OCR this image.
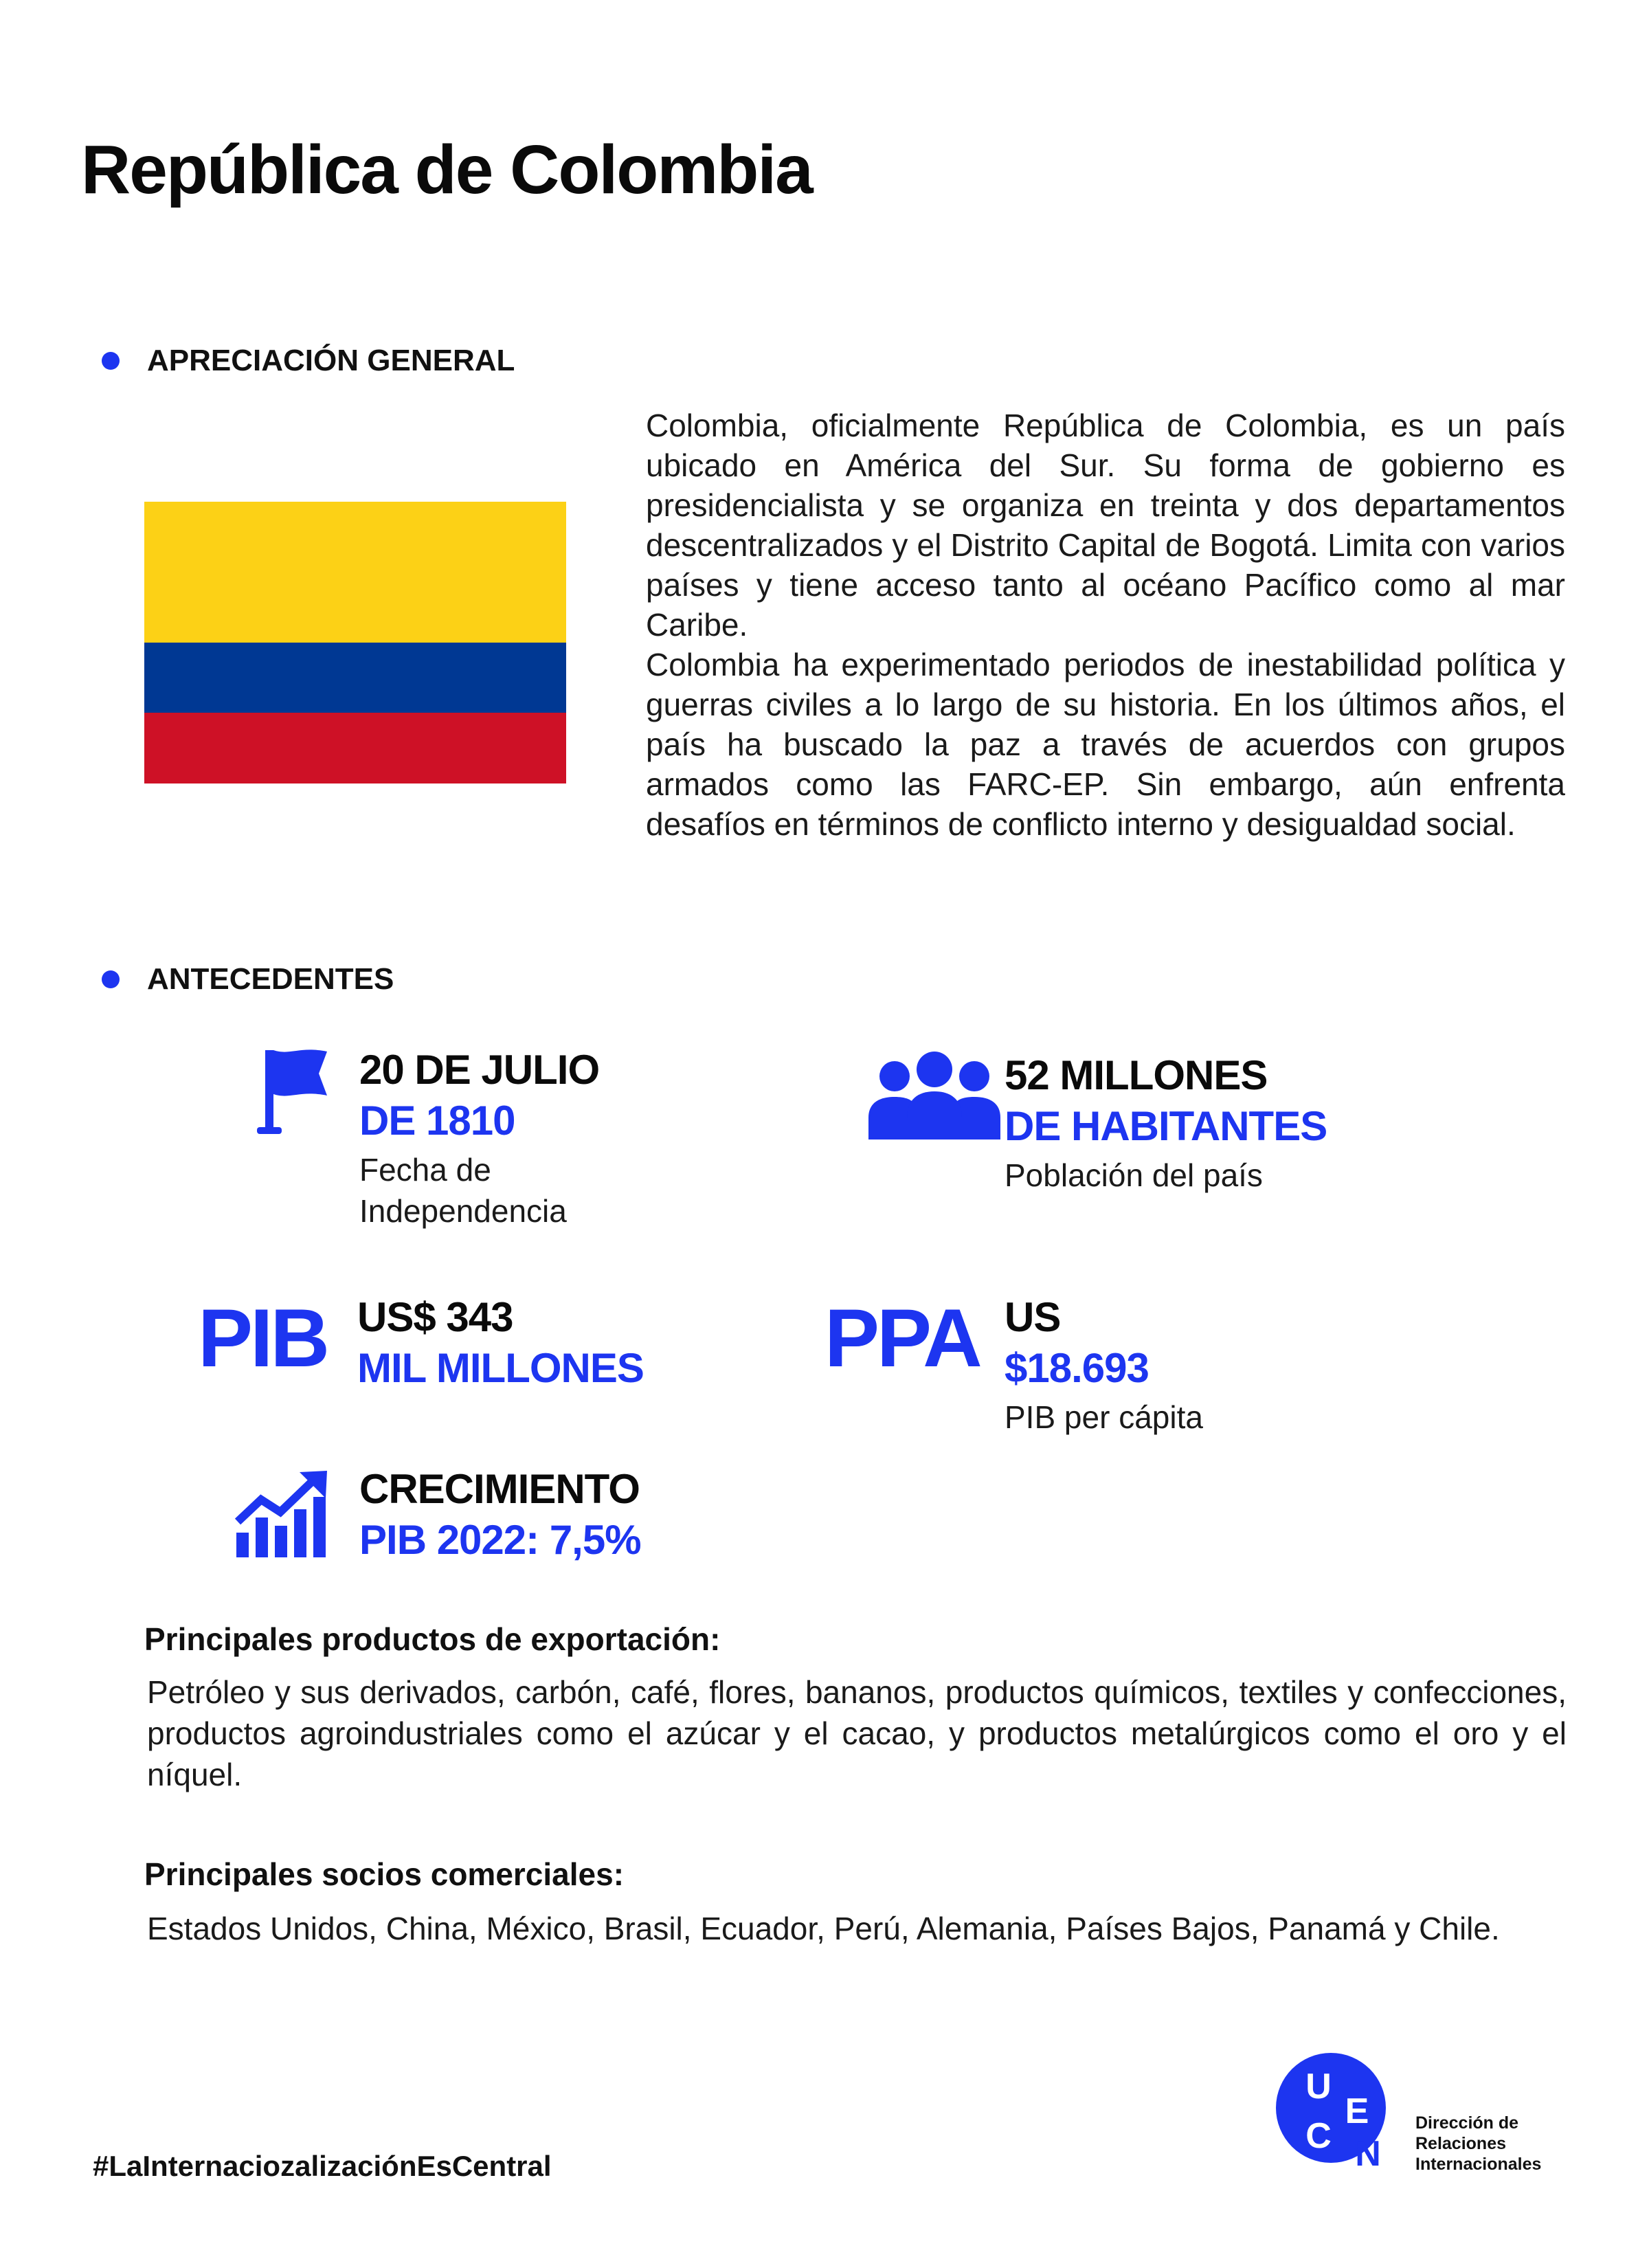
República de Colombia
APRECIACIÓN GENERAL

Colombia, oficialmente República de Colombia, es un país ubicado en América del Sur. Su forma de gobierno es presidencialista y se organiza en treinta y dos departamentos descentralizados y el Distrito Capital de Bogotá. Limita con varios países y tiene acceso tanto al océano Pacífico como al mar Caribe.

Colombia ha experimentado periodos de inestabilidad política y guerras civiles a lo largo de su historia. En los últimos años, el país ha buscado la paz a través de acuerdos con grupos armados como las FARC-EP. Sin embargo, aún enfrenta desafíos en términos de conflicto interno y desigualdad social.

ANTECEDENTES
20 DE JULIO
DE 1810
Fecha de
Independencia
52 MILLONES
DE HABITANTES
Población del país
PIB US$ 343
MIL MILLONES PPA US
$18.693
PIB per cápita
CRECIMIENTO
PIB 2022: 7,5%
Principales productos de exportación:
Petróleo y sus derivados, carbón, café, flores, bananos, productos químicos, textiles y confecciones, productos agroindustriales como el azúcar y el cacao, y productos metalúrgicos como el oro y el níquel.
Principales socios comerciales:
Estados Unidos, China, México, Brasil, Ecuador, Perú, Alemania, Países Bajos, Panamá y Chile.
#LaInternaciozalizaciónEsCentral
U
C
E
N
Dirección de
Relaciones
Internacionales
